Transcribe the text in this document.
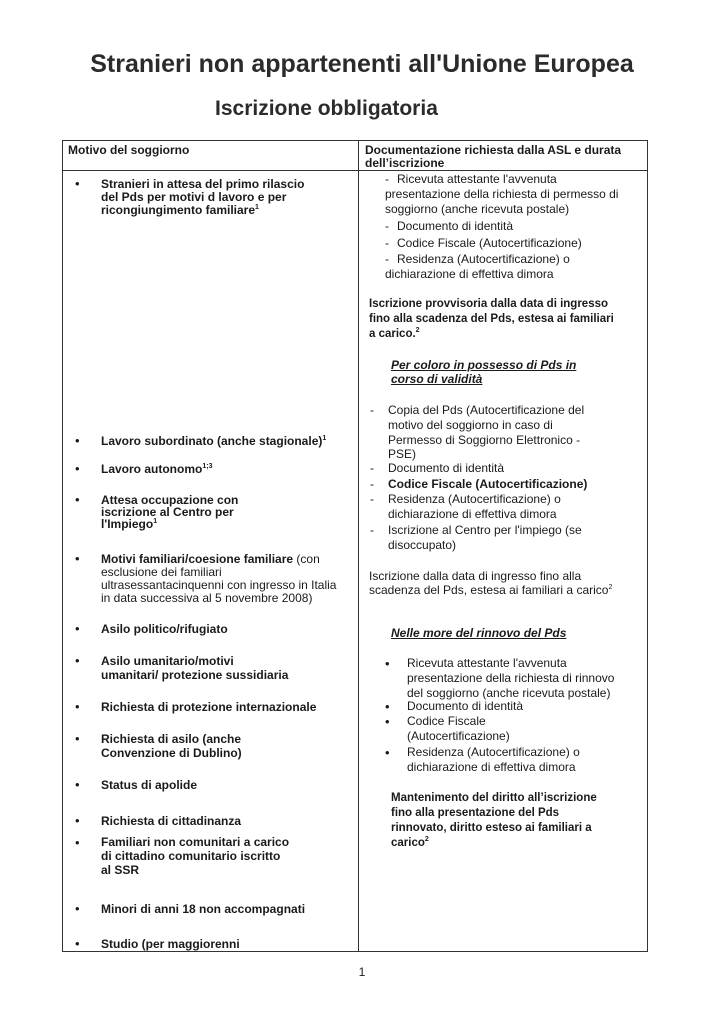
Stranieri non appartenenti all'Unione Europea
Iscrizione obbligatoria
Motivo del soggiorno	Documentazione richiesta dalla ASL e durata
dell’iscrizione
• Stranieri in attesa del primo rilascio
del Pds per motivi d lavoro e per
ricongiungimento familiare$^1$
• Lavoro subordinato (anche stagionale)$^1$
• Lavoro autonomo$^{1;3}$
• Attesa occupazione con
iscrizione al Centro per
l'Impiego$^1$
• Motivi familiari/coesione familiare (con
esclusione dei familiari
ultrasessantacinquenni con ingresso in Italia
in data successiva al 5 novembre 2008)
• Asilo politico/rifugiato
• Asilo umanitario/motivi
umanitari/ protezione sussidiaria
• Richiesta di protezione internazionale
• Richiesta di asilo (anche
Convenzione di Dublino)
• Status di apolide
• Richiesta di cittadinanza
• Familiari non comunitari a carico
di cittadino comunitario iscritto
al SSR
• Minori di anni 18 non accompagnati
• Studio (per maggiorenni
- Ricevuta attestante l'avvenuta
presentazione della richiesta di permesso di
soggiorno (anche ricevuta postale)
- Documento di identità
- Codice Fiscale (Autocertificazione)
- Residenza (Autocertificazione) o
dichiarazione di effettiva dimora
Iscrizione provvisoria dalla data di ingresso
fino alla scadenza del Pds, estesa ai familiari
a carico.$^2$
Per coloro in possesso di Pds in
corso di validità
- Copia del Pds (Autocertificazione del
motivo del soggiorno in caso di
Permesso di Soggiorno Elettronico -
PSE)
- Documento di identità
- Codice Fiscale (Autocertificazione)
- Residenza (Autocertificazione) o
dichiarazione di effettiva dimora
- Iscrizione al Centro per l'impiego (se
disoccupato)
Iscrizione dalla data di ingresso fino alla
scadenza del Pds, estesa ai familiari a carico$^2$
Nelle more del rinnovo del Pds
• Ricevuta attestante l'avvenuta
presentazione della richiesta di rinnovo
del soggiorno (anche ricevuta postale)
• Documento di identità
• Codice Fiscale
(Autocertificazione)
• Residenza (Autocertificazione) o
dichiarazione di effettiva dimora
Mantenimento del diritto all’iscrizione
fino alla presentazione del Pds
rinnovato, diritto esteso ai familiari a
carico$^2$
1
